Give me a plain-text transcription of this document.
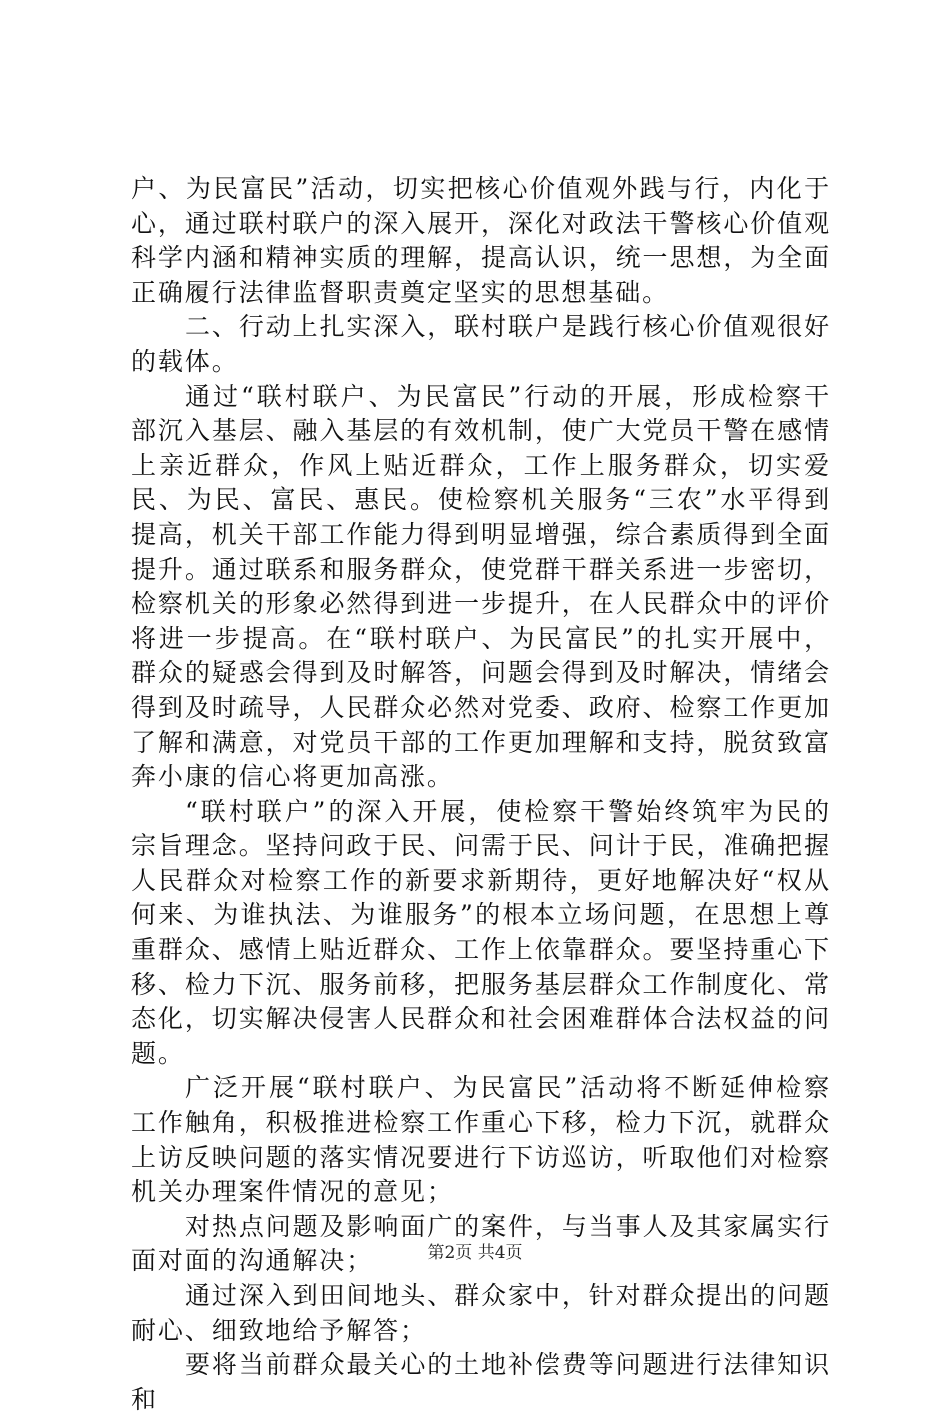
户、为民富民”活动，切实把核心价值观外践与行，内化于心，通过联村联户的深入展开，深化对政法干警核心价值观科学内涵和精神实质的理解，提高认识，统一思想，为全面正确履行法律监督职责奠定坚实的思想基础。

二、行动上扎实深入，联村联户是践行核心价值观很好的载体。

通过“联村联户、为民富民”行动的开展，形成检察干部沉入基层、融入基层的有效机制，使广大党员干警在感情上亲近群众，作风上贴近群众，工作上服务群众，切实爱民、为民、富民、惠民。使检察机关服务“三农”水平得到提高，机关干部工作能力得到明显增强，综合素质得到全面提升。通过联系和服务群众，使党群干群关系进一步密切，检察机关的形象必然得到进一步提升，在人民群众中的评价将进一步提高。在“联村联户、为民富民”的扎实开展中，群众的疑惑会得到及时解答，问题会得到及时解决，情绪会得到及时疏导，人民群众必然对党委、政府、检察工作更加了解和满意，对党员干部的工作更加理解和支持，脱贫致富奔小康的信心将更加高涨。

“联村联户”的深入开展，使检察干警始终筑牢为民的宗旨理念。坚持问政于民、问需于民、问计于民，准确把握人民群众对检察工作的新要求新期待，更好地解决好“权从何来、为谁执法、为谁服务”的根本立场问题，在思想上尊重群众、感情上贴近群众、工作上依靠群众。要坚持重心下移、检力下沉、服务前移，把服务基层群众工作制度化、常态化，切实解决侵害人民群众和社会困难群体合法权益的问题。

广泛开展“联村联户、为民富民”活动将不断延伸检察工作触角，积极推进检察工作重心下移，检力下沉，就群众上访反映问题的落实情况要进行下访巡访，听取他们对检察机关办理案件情况的意见；

对热点问题及影响面广的案件，与当事人及其家属实行面对面的沟通解决；

通过深入到田间地头、群众家中，针对群众提出的问题耐心、细致地给予解答；

要将当前群众最关心的土地补偿费等问题进行法律知识和

第2页 共4页
